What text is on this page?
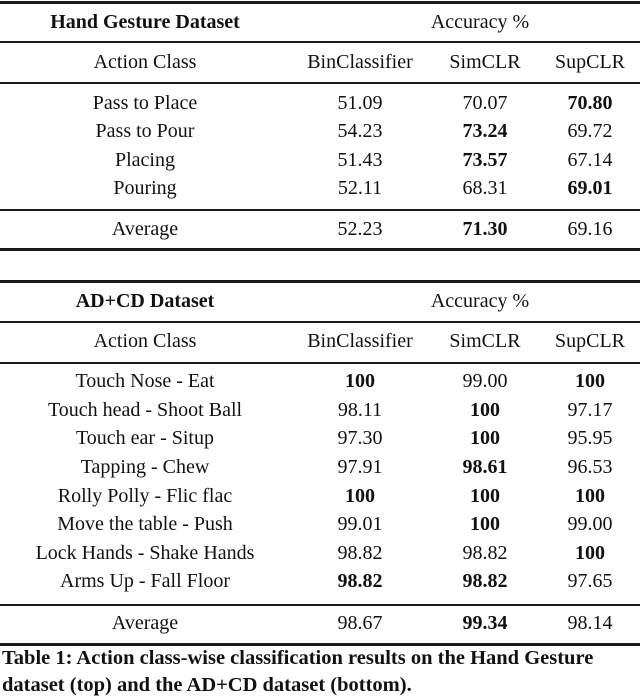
Hand Gesture Dataset	Accuracy %
Action Class	BinClassifier	SimCLR	SupCLR
Pass to Place	51.09	70.07	70.80
Pass to Pour	54.23	73.24	69.72
Placing	51.43	73.57	67.14
Pouring	52.11	68.31	69.01
Average	52.23	71.30	69.16
AD+CD Dataset	Accuracy %
Action Class	BinClassifier	SimCLR	SupCLR
Touch Nose - Eat	100	99.00	100
Touch head - Shoot Ball	98.11	100	97.17
Touch ear - Situp	97.30	100	95.95
Tapping - Chew	97.91	98.61	96.53
Rolly Polly - Flic flac	100	100	100
Move the table - Push	99.01	100	99.00
Lock Hands - Shake Hands	98.82	98.82	100
Arms Up - Fall Floor	98.82	98.82	97.65
Average	98.67	99.34	98.14
Table 1: Action class-wise classification results on the Hand Gesture dataset (top) and the AD+CD dataset (bottom).
